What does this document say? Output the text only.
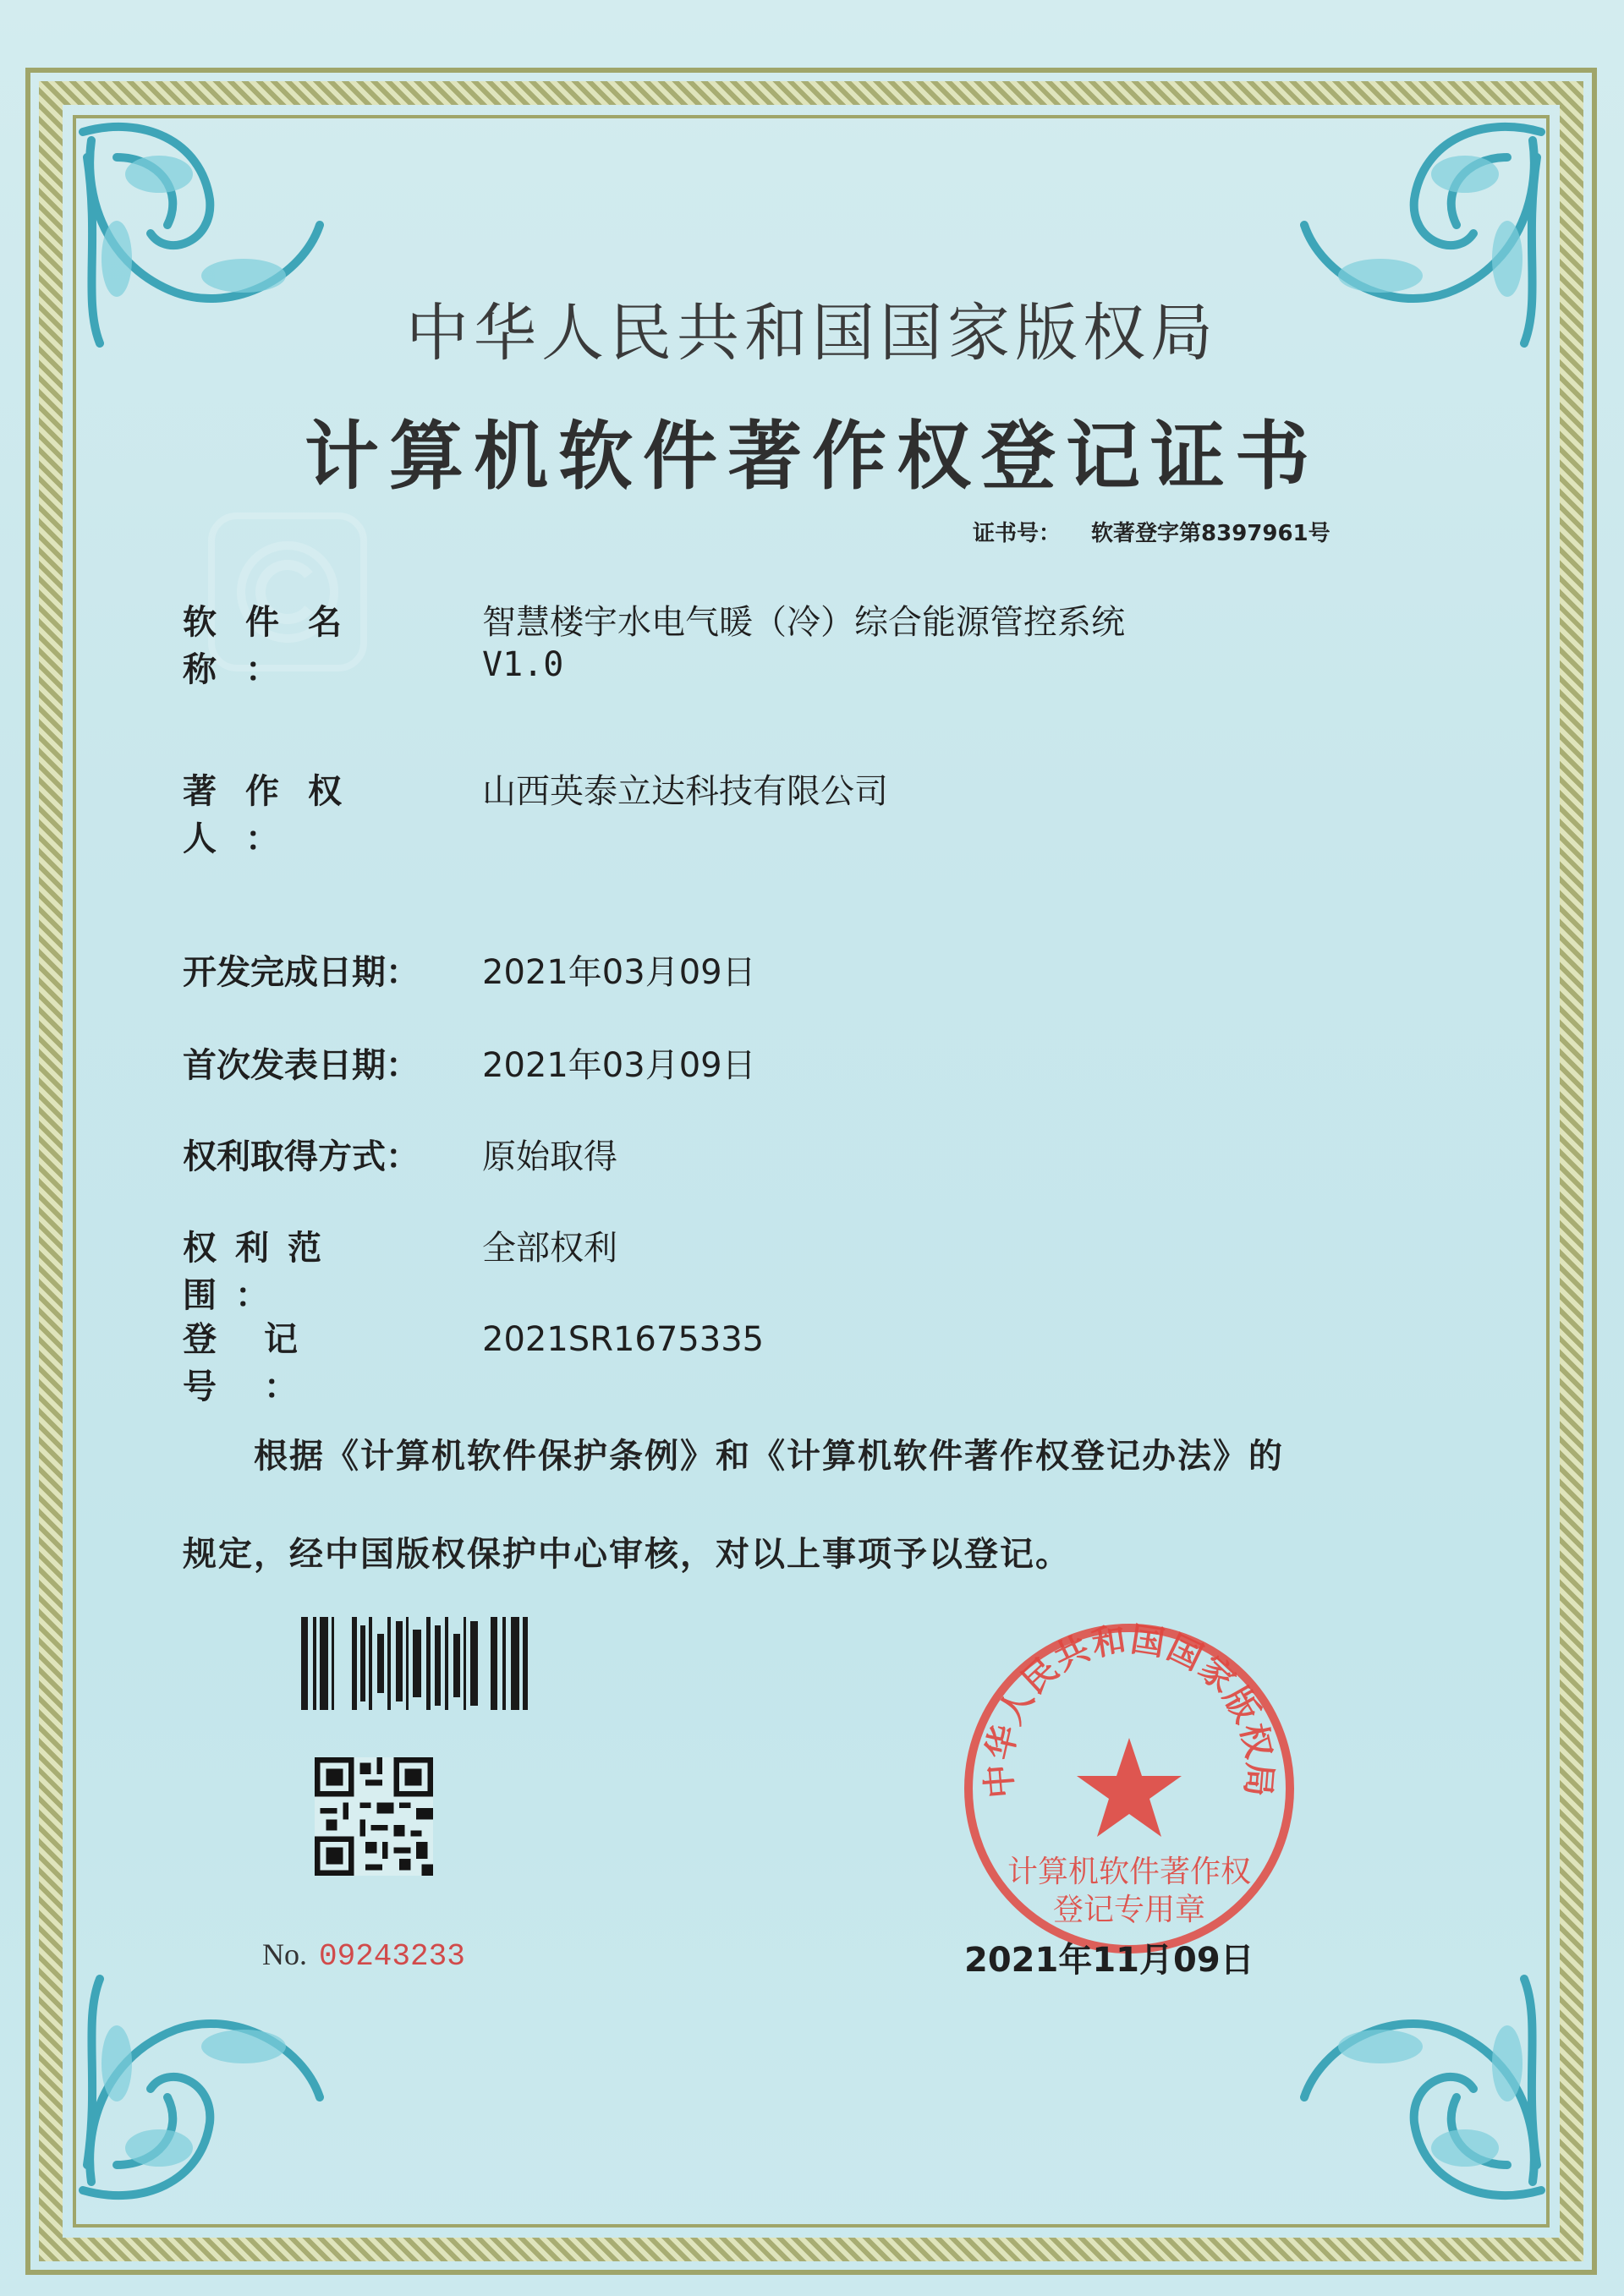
中华人民共和国国家版权局
计算机软件著作权登记证书
证书号： 软著登字第8397961号
软件名称：
智慧楼宇水电气暖（冷）综合能源管控系统
V1.0
著作权人：
山西英泰立达科技有限公司
开发完成日期：	2021年03月09日
首次发表日期：	2021年03月09日
权利取得方式：	原始取得
权利范围：
全部权利
登记号：
2021SR1675335
根据《计算机软件保护条例》和《计算机软件著作权登记办法》的
规定，经中国版权保护中心审核，对以上事项予以登记。
No. 09243233
中华人民共和国国家版权局
计算机软件著作权
登记专用章
2021年11月09日
